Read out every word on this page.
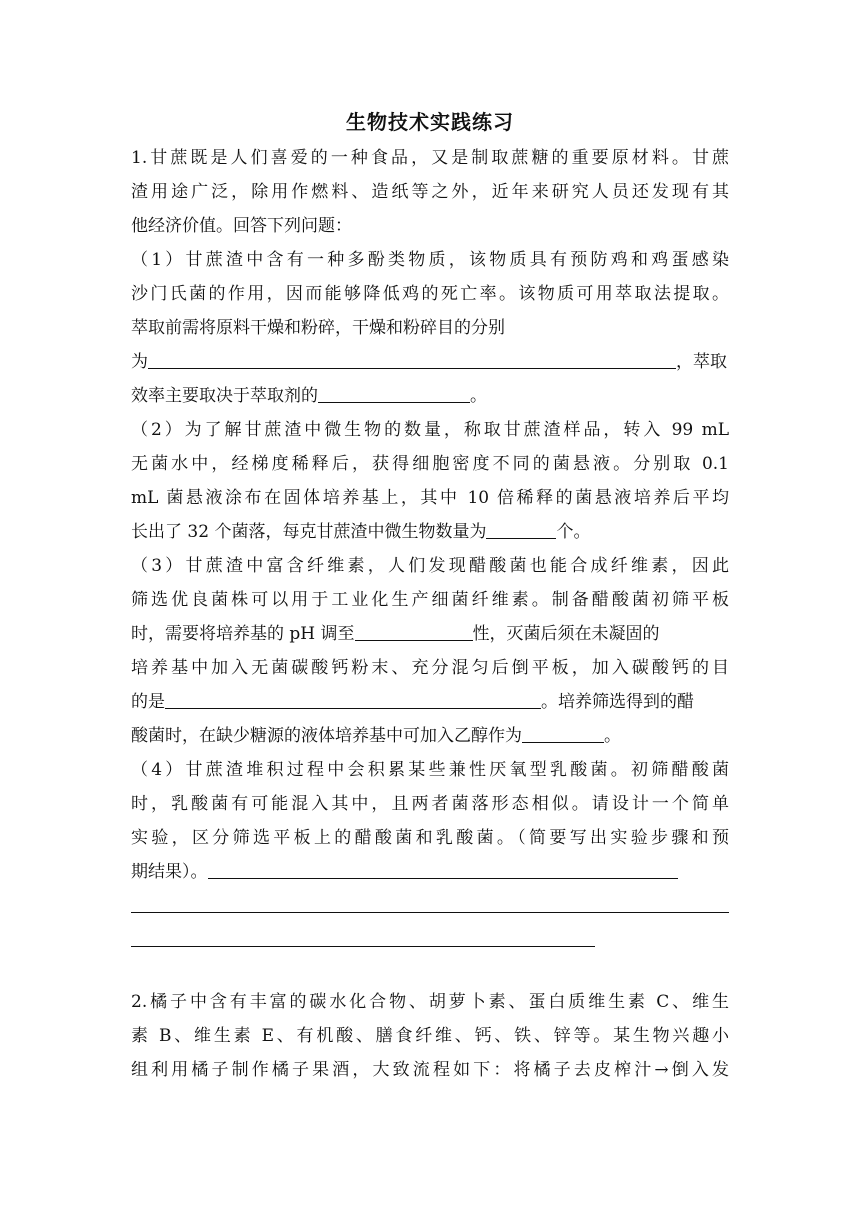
生物技术实践练习
1.甘蔗既是人们喜爱的一种食品，又是制取蔗糖的重要原材料。甘蔗
渣用途广泛，除用作燃料、造纸等之外，近年来研究人员还发现有其
他经济价值。回答下列问题：
（1）甘蔗渣中含有一种多酚类物质，该物质具有预防鸡和鸡蛋感染
沙门氏菌的作用，因而能够降低鸡的死亡率。该物质可用萃取法提取。
萃取前需将原料干燥和粉碎，干燥和粉碎目的分别
为	，萃取
效率主要取决于萃取剂的	。
（2）为了解甘蔗渣中微生物的数量，称取甘蔗渣样品，转入 99 mL
无菌水中，经梯度稀释后，获得细胞密度不同的菌悬液。分别取 0.1
mL 菌悬液涂布在固体培养基上，其中 10 倍稀释的菌悬液培养后平均
长出了 32 个菌落，每克甘蔗渣中微生物数量为	个。
（3）甘蔗渣中富含纤维素，人们发现醋酸菌也能合成纤维素，因此
筛选优良菌株可以用于工业化生产细菌纤维素。制备醋酸菌初筛平板
时，需要将培养基的 pH 调至	性，灭菌后须在未凝固的
培养基中加入无菌碳酸钙粉末、充分混匀后倒平板，加入碳酸钙的目
的是	。培养筛选得到的醋
酸菌时，在缺少糖源的液体培养基中可加入乙醇作为	。
（4）甘蔗渣堆积过程中会积累某些兼性厌氧型乳酸菌。初筛醋酸菌
时，乳酸菌有可能混入其中，且两者菌落形态相似。请设计一个简单
实验，区分筛选平板上的醋酸菌和乳酸菌。（简要写出实验步骤和预
期结果）。
2.橘子中含有丰富的碳水化合物、胡萝卜素、蛋白质维生素 C、维生
素 B、维生素 E、有机酸、膳食纤维、钙、铁、锌等。某生物兴趣小
组利用橘子制作橘子果酒，大致流程如下：将橘子去皮榨汁→倒入发
